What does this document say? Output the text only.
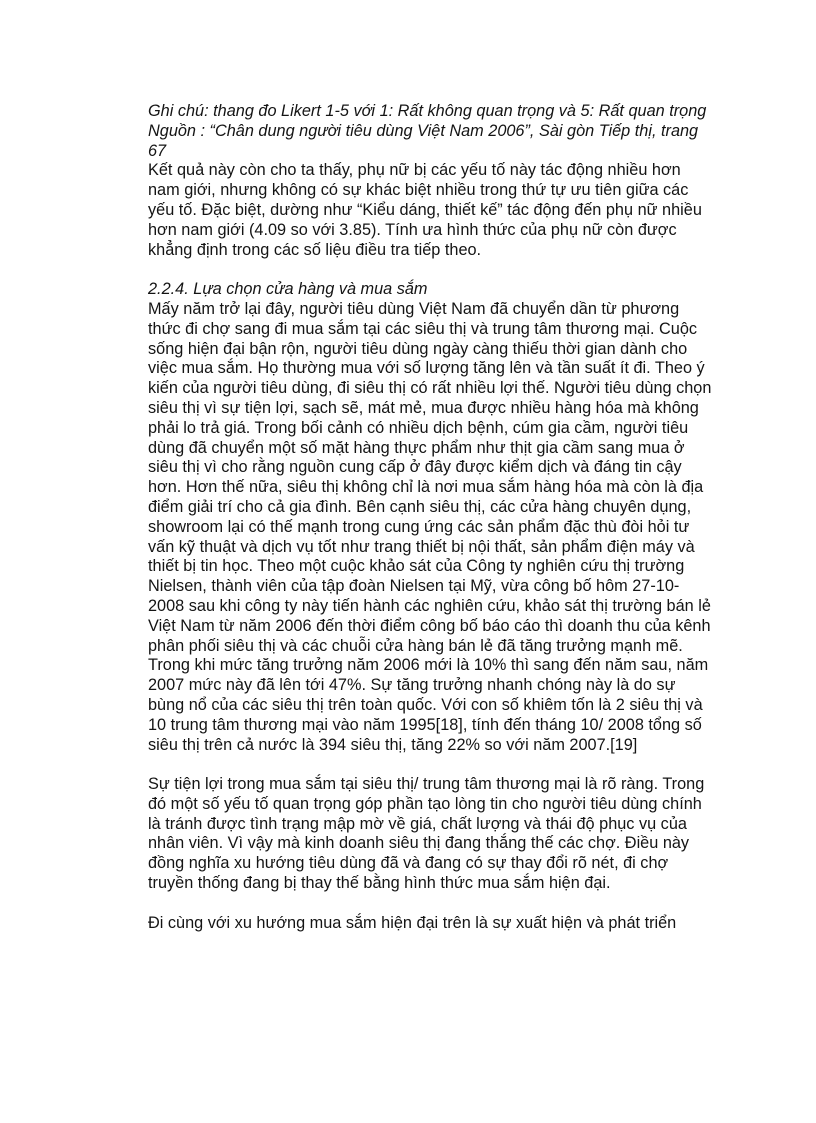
Ghi chú: thang đo Likert 1-5 với 1: Rất không quan trọng và 5: Rất quan trọng

Nguồn : “Chân dung người tiêu dùng Việt Nam 2006”, Sài gòn Tiếp thị, trang 67

Kết quả này còn cho ta thấy, phụ nữ bị các yếu tố này tác động nhiều hơn nam giới, nhưng không có sự khác biệt nhiều trong thứ tự ưu tiên giữa các yếu tố. Đặc biệt, dường như “Kiểu dáng, thiết kế” tác động đến phụ nữ nhiều hơn nam giới (4.09 so với 3.85). Tính ưa hình thức của phụ nữ còn được khẳng định trong các số liệu điều tra tiếp theo.

2.2.4. Lựa chọn cửa hàng và mua sắm

Mấy năm trở lại đây, người tiêu dùng Việt Nam đã chuyển dần từ phương thức đi chợ sang đi mua sắm tại các siêu thị và trung tâm thương mại. Cuộc sống hiện đại bận rộn, người tiêu dùng ngày càng thiếu thời gian dành cho việc mua sắm. Họ thường mua với số lượng tăng lên và tần suất ít đi. Theo ý kiến của người tiêu dùng, đi siêu thị có rất nhiều lợi thế. Người tiêu dùng chọn siêu thị vì sự tiện lợi, sạch sẽ, mát mẻ, mua được nhiều hàng hóa mà không phải lo trả giá. Trong bối cảnh có nhiều dịch bệnh, cúm gia cầm, người tiêu dùng đã chuyển một số mặt hàng thực phẩm như thịt gia cầm sang mua ở siêu thị vì cho rằng nguồn cung cấp ở đây được kiểm dịch và đáng tin cậy hơn. Hơn thế nữa, siêu thị không chỉ là nơi mua sắm hàng hóa mà còn là địa điểm giải trí cho cả gia đình. Bên cạnh siêu thị, các cửa hàng chuyên dụng, showroom lại có thế mạnh trong cung ứng các sản phẩm đặc thù đòi hỏi tư vấn kỹ thuật và dịch vụ tốt như trang thiết bị nội thất, sản phẩm điện máy và thiết bị tin học. Theo một cuộc khảo sát của Công ty nghiên cứu thị trường Nielsen, thành viên của tập đoàn Nielsen tại Mỹ, vừa công bố hôm 27-10- 2008 sau khi công ty này tiến hành các nghiên cứu, khảo sát thị trường bán lẻ Việt Nam từ năm 2006 đến thời điểm công bố báo cáo thì doanh thu của kênh phân phối siêu thị và các chuỗi cửa hàng bán lẻ đã tăng trưởng mạnh mẽ. Trong khi mức tăng trưởng năm 2006 mới là 10% thì sang đến năm sau, năm 2007 mức này đã lên tới 47%. Sự tăng trưởng nhanh chóng này là do sự bùng nổ của các siêu thị trên toàn quốc. Với con số khiêm tốn là 2 siêu thị và 10 trung tâm thương mại vào năm 1995[18], tính đến tháng 10/ 2008 tổng số siêu thị trên cả nước là 394 siêu thị, tăng 22% so với năm 2007.[19]

Sự tiện lợi trong mua sắm tại siêu thị/ trung tâm thương mại là rõ ràng. Trong đó một số yếu tố quan trọng góp phần tạo lòng tin cho người tiêu dùng chính là tránh được tình trạng mập mờ về giá, chất lượng và thái độ phục vụ của nhân viên. Vì vậy mà kinh doanh siêu thị đang thắng thế các chợ. Điều này đồng nghĩa xu hướng tiêu dùng đã và đang có sự thay đổi rõ nét, đi chợ truyền thống đang bị thay thế bằng hình thức mua sắm hiện đại.

Đi cùng với xu hướng mua sắm hiện đại trên là sự xuất hiện và phát triển
